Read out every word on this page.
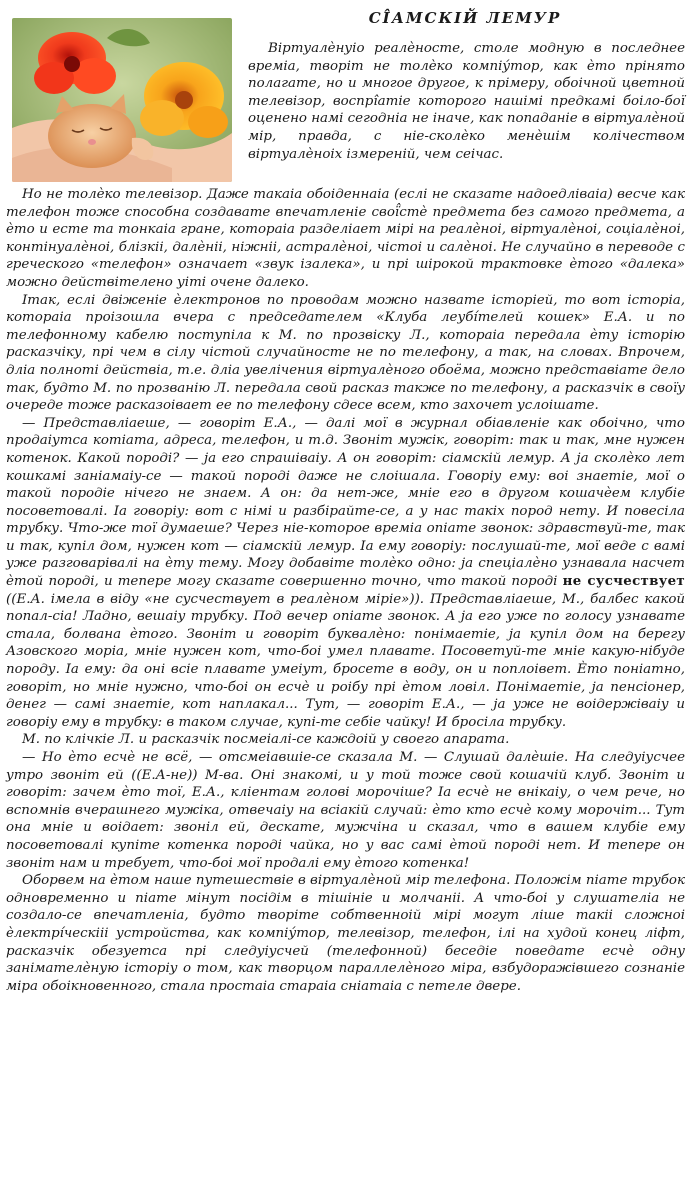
СІ̂АМСКІЙ ЛЕМУР

Віртуалѐнуіо реалѐносте, столе модную в последнее времіа, творіт не толѐко компіу́тор, как ѐто прінято полагате, но и многое другое, к прімеру, обоічной цветной телевізор, воспрі̂атіе которого нашімі предкамі боіло-бої оценено намі сегодніа не іначе, как попаданіе в віртуалѐной мір, правда, с ніе-сколѐко менѐшім колічеством віртуалѐноіх ізмереній, чем сеічас.

Но не толѐко телевізор. Даже такаіа обоіденнаіа (еслі не сказате надоедліваіа) весче как телефон тоже способна создавате впечатленіе свої̂стѐ предмета без самого предмета, а ѐто и есте та тонкаіа гране, котораіа разделіает мірі на реалѐноі, віртуалѐноі, соціалѐноі, контінуалѐноі, блізкіі, далѐніі, ніжніі, астралѐноі, чістоі и салѐноі. Не случайно в переводе с греческого «телефон» означает «звук ізалека», и прі шірокой трактовке ѐтого «далека» можно действітелено уіті очене далеко.

Ітак, еслі двіженіе ѐлектронов по проводам можно назвате історіей, то вот історіа, котораіа проізошла вчера с председателем «Клуба леубі́телей кошек» Е.А. и по телефонному кабелю поступіла к М. по прозвіску Л., котораіа передала ѐту історію расказчіку, прі чем в сілу чістой случайносте не по телефону, а так, на словах. Впрочем, дліа полноті действіа, т.е. дліа увелічения віртуалѐного обоёма, можно представіате дело так, будто М. по прозванію Л. передала свой расказ также по телефону, а расказчік в своїу очереде тоже расказоівает ее по телефону сдесе всем, кто захочет услоішате.

— Представліаеше, — говоріт Е.А., — далі мої в журнал обіавленіе как обоічно, что продаіутса котіата, адреса, телефон, и т.д. Звоніт мужік, говоріт: так и так, мне нужен котенок. Какой породі? — ја его спрашіваіу. А он говоріт: сіамскій лемур. А ја сколѐко лет кошкамі заніамаіу-се — такой породі даже не слоішала. Говоріу ему: воі знаетіе, мої о такой породіе нічего не знаем. А он: да нет-же, мніе его в другом кошачѐем клубіе посоветовалі. Іа говоріу: вот с німі и разбірайте-се, а у нас такіх пород нету. И повесіла трубку. Что-же тої думаеше? Через ніе-которое времіа опіате звонок: здравствуй-те, так и так, купіл дом, нужен кот — сіамскій лемур. Іа ему говоріу: послушай-те, мої веде с вамі уже разговарівалі на ѐту тему. Могу добавіте толѐко одно: ја спеціалѐно узнавала насчет ѐтой породі, и тепере могу сказате совершенно точно, что такой породі не сусчествует ((Е.А. імела в віду «не сусчествует в реалѐном міріе»)). Представліаеше, М., балбес какой попал-сіа! Ладно, вешаіу трубку. Под вечер опіате звонок. А ја его уже по голосу узнавате стала, болвана ѐтого. Звоніт и говоріт буквалѐно: понімаетіе, ја купіл дом на берегу Азовского моріа, мніе нужен кот, что-боі умел плавате. Посоветуй-те мніе какую-нібуде породу. Іа ему: да оні всіе плавате умеіут, бросете в воду, он и поплоівет. Ѐто поніатно, говоріт, но мніе нужно, что-боі он есчѐ и роібу прі ѐтом ловіл. Понімаетіе, ја пенсіонер, денег — самі знаетіе, кот наплакал... Тут, — говоріт Е.А., — ја уже не воідержіваіу и говоріу ему в трубку: в таком случае, купі-те себіе чайку! И бросіла трубку.

М. по клічкіе Л. и расказчік посмеіалі-се каждоій у своего апарата.

— Но ѐто есчѐ не всё, — отсмеіавшіе-се сказала М. — Слушай далѐшіе. На следуіусчее утро звоніт ей ((Е.А-не)) М-ва. Оні знакомі, и у той тоже свой кошачій клуб. Звоніт и говоріт: зачем ѐто тої, Е.А., кліентам голові морочіше? Іа есчѐ не внікаіу, о чем рече, но вспомнів вчерашнего мужіка, отвечаіу на всіакій случай: ѐто кто есчѐ кому морочіт... Тут она мніе и воідает: звоніл ей, дескате, мужчіна и сказал, что в вашем клубіе ему посоветовалі купіте котенка породі чайка, но у вас самі ѐтой породі нет. И тепере он звоніт нам и требует, что-боі мої продалі ему ѐтого котенка!

Оборвем на ѐтом наше путешествіе в віртуалѐной мір телефона. Положім піате трубок одновременно и піате мінут посідім в тішініе и молчаніі. А что-боі у слушателіа не создало-се впечатленіа, будто творіте собтвенноій мірі могут ліше такіі сложноі ѐлектрі́ческііі устройства, как компіу́тор, телевізор, телефон, ілі на худой конец ліфт, расказчік обезуетса прі следуіусчей (телефонной) беседіе поведате есчѐ одну занімателѐную історіу о том, как творцом параллелѐного міра, взбудоражівшего сознаніе міра обоікновенного, стала простаіа стараіа сніатаіа с петеле двере.
